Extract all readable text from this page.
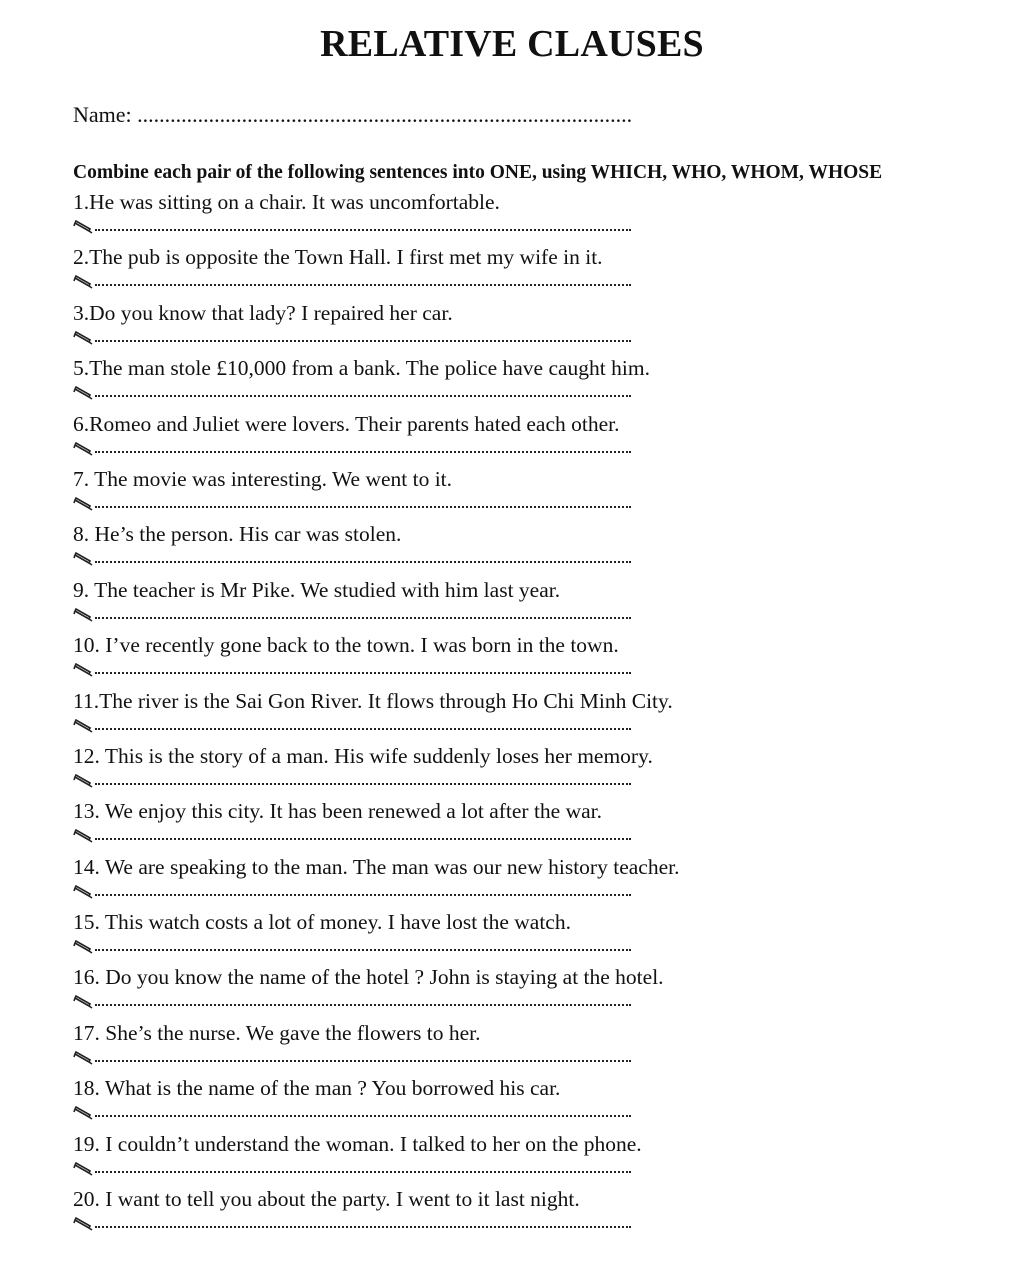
RELATIVE CLAUSES
Name: ..........................................................................................
Combine each pair of the following sentences into ONE, using WHICH, WHO, WHOM, WHOSE
1.He was sitting on a chair. It was uncomfortable.
2.The pub is opposite the Town Hall. I first met my wife in it.
3.Do you know that lady? I repaired her car.
5.The man stole £10,000 from a bank. The police have caught him.
6.Romeo and Juliet were lovers. Their parents hated each other.
7. The movie was interesting. We went to it.
8. He’s the person. His car was stolen.
9. The teacher is Mr Pike. We studied with him last year.
10. I’ve recently gone back to the town. I was born in the town.
11.The river is the Sai Gon River. It flows through Ho Chi Minh City.
12. This is the story of a man. His wife suddenly loses her memory.
13. We enjoy this city. It has been renewed a lot after the war.
14. We are speaking to the man. The man was our new history teacher.
15. This watch costs a lot of money. I have lost the watch.
16. Do you know the name of the hotel ? John is staying at the hotel.
17. She’s the nurse. We gave the flowers to her.
18. What is the name of the man ? You borrowed his car.
19. I couldn’t understand the woman. I talked to her on the phone.
20. I want to tell you about the party. I went to it last night.
